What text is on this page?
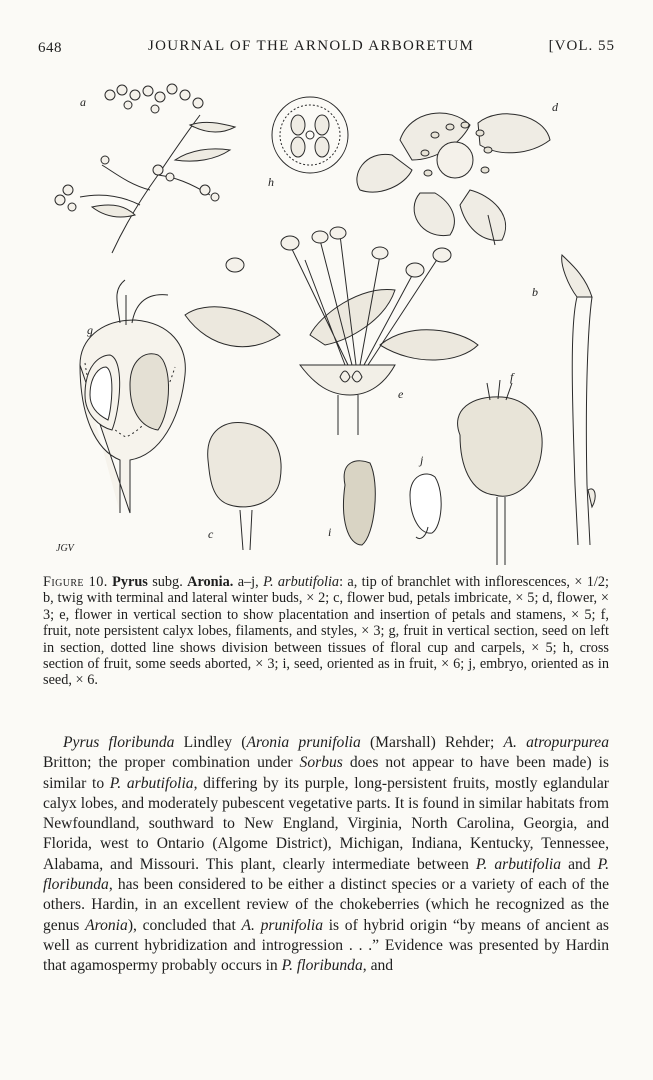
648	JOURNAL OF THE ARNOLD ARBORETUM	[VOL. 55
a
b
c
d
e
f
g
h
i
j
JGV
Figure 10. Pyrus subg. Aronia. a–j, P. arbutifolia: a, tip of branchlet with inflorescences, × 1/2; b, twig with terminal and lateral winter buds, × 2; c, flower bud, petals imbricate, × 5; d, flower, × 3; e, flower in vertical section to show placentation and insertion of petals and stamens, × 5; f, fruit, note persistent calyx lobes, filaments, and styles, × 3; g, fruit in vertical section, seed on left in section, dotted line shows division between tissues of floral cup and carpels, × 5; h, cross section of fruit, some seeds aborted, × 3; i, seed, oriented as in fruit, × 6; j, embryo, oriented as in seed, × 6.
Pyrus floribunda Lindley (Aronia prunifolia (Marshall) Rehder; A. atropurpurea Britton; the proper combination under Sorbus does not appear to have been made) is similar to P. arbutifolia, differing by its purple, long-persistent fruits, mostly eglandular calyx lobes, and moderately pubescent vegetative parts. It is found in similar habitats from Newfoundland, southward to New England, Virginia, North Carolina, Georgia, and Florida, west to Ontario (Algome District), Michigan, Indiana, Kentucky, Tennessee, Alabama, and Missouri. This plant, clearly intermediate between P. arbutifolia and P. floribunda, has been considered to be either a distinct species or a variety of each of the others. Hardin, in an excellent review of the chokeberries (which he recognized as the genus Aronia), concluded that A. prunifolia is of hybrid origin “by means of ancient as well as current hybridization and introgression . . .” Evidence was presented by Hardin that agamospermy probably occurs in P. floribunda, and
